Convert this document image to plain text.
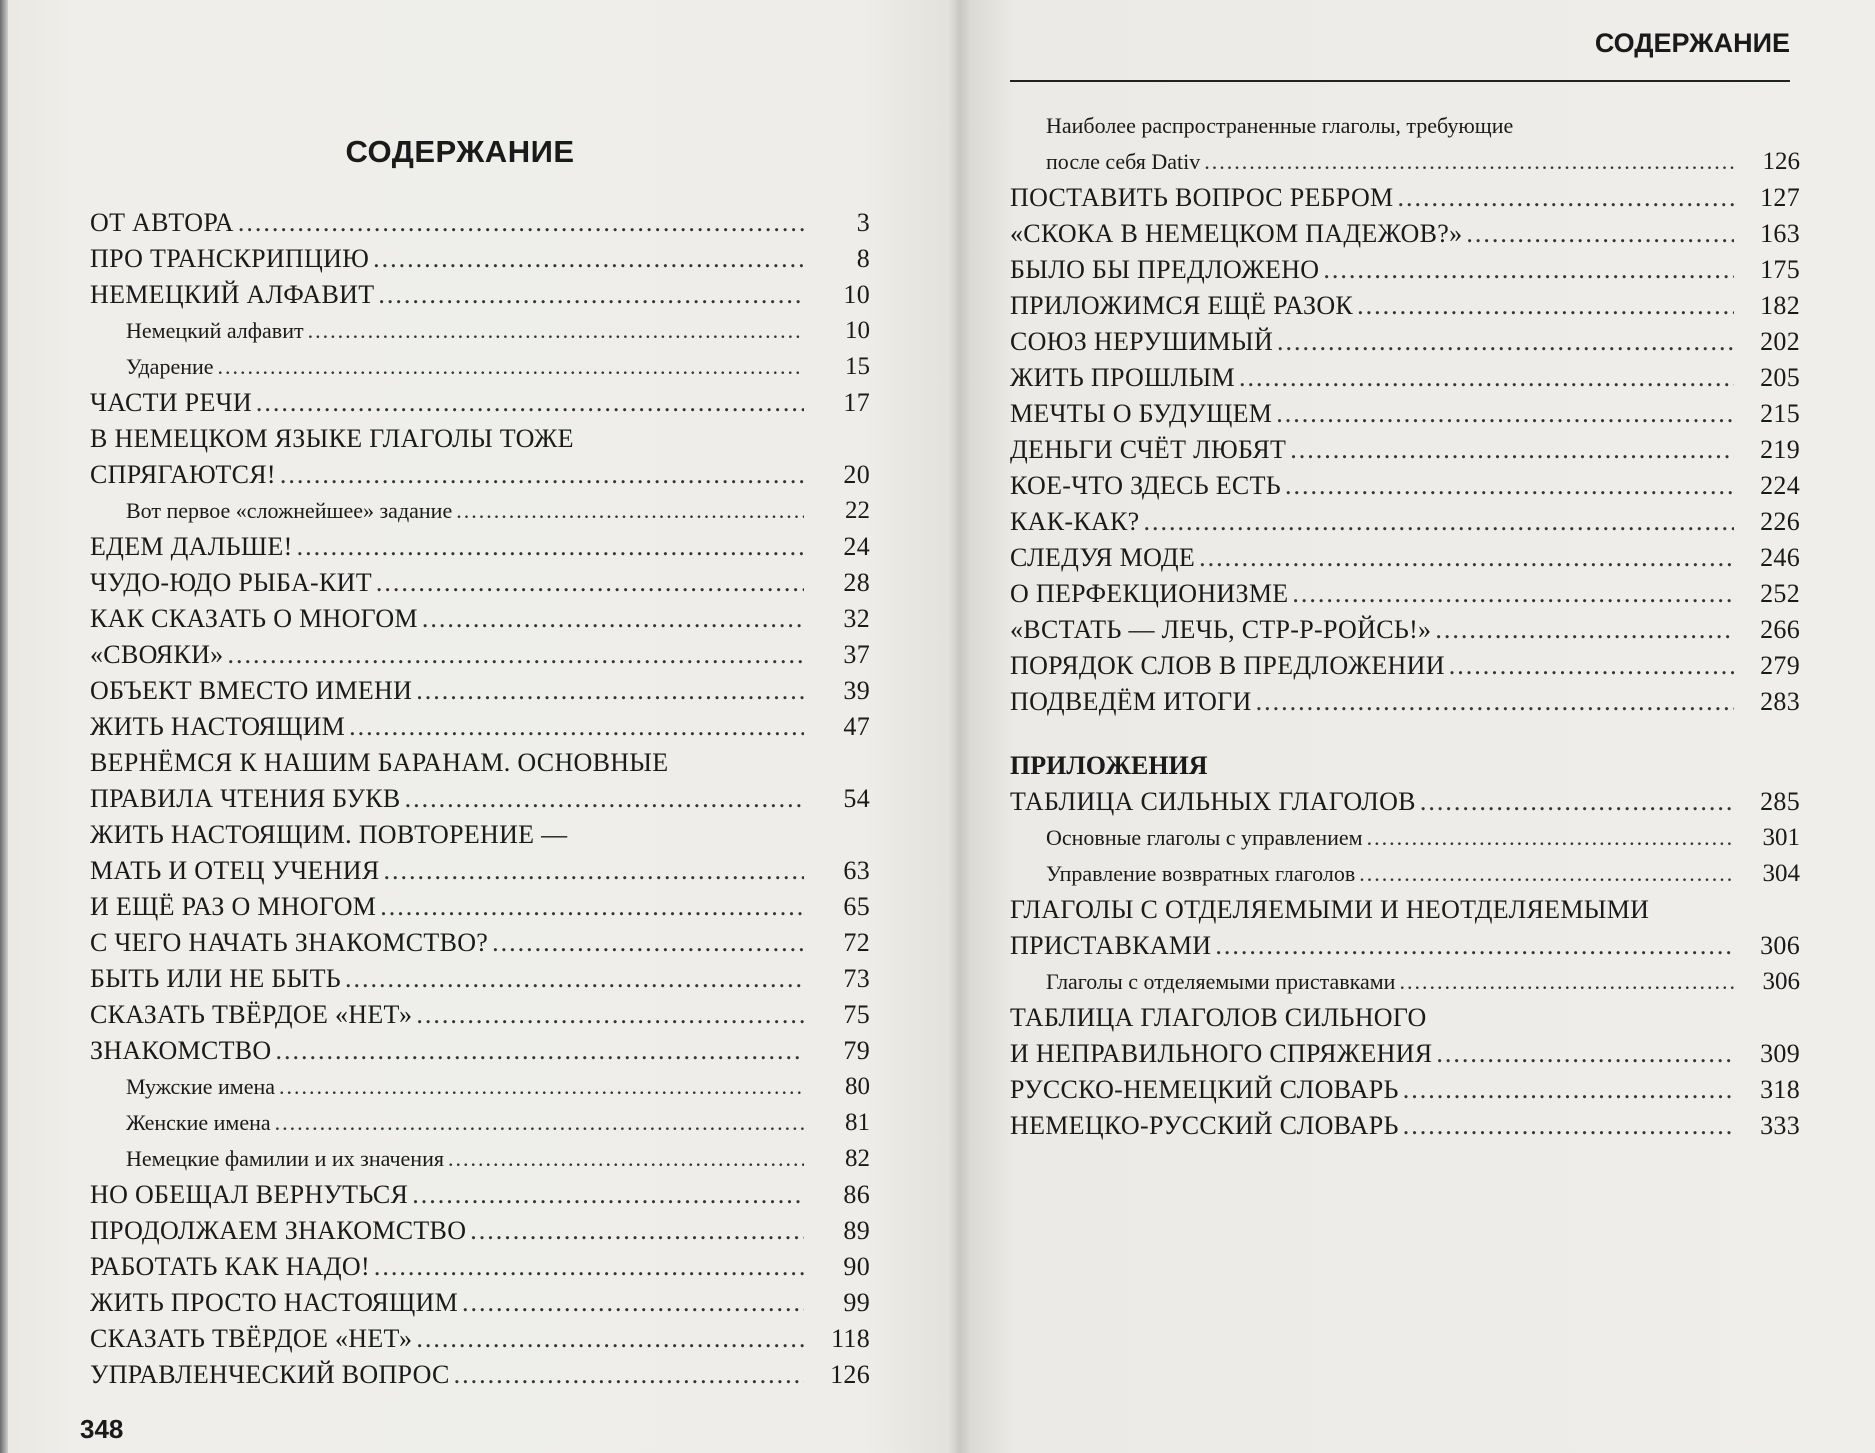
СОДЕРЖАНИЕ
ОТ АВТОРА .....	3
ПРО ТРАНСКРИПЦИЮ .....	8
НЕМЕЦКИЙ АЛФАВИТ .....	10
Немецкий алфавит .....	10
Ударение .....	15
ЧАСТИ РЕЧИ .....	17
В НЕМЕЦКОМ ЯЗЫКЕ ГЛАГОЛЫ ТОЖЕ
СПРЯГАЮТСЯ! .....	20
Вот первое «сложнейшее» задание .....	22
ЕДЕМ ДАЛЬШЕ! .....	24
ЧУДО-ЮДО РЫБА-КИТ .....	28
КАК СКАЗАТЬ О МНОГОМ .....	32
«СВОЯКИ» .....	37
ОБЪЕКТ ВМЕСТО ИМЕНИ .....	39
ЖИТЬ НАСТОЯЩИМ .....	47
ВЕРНЁМСЯ К НАШИМ БАРАНАМ. ОСНОВНЫЕ
ПРАВИЛА ЧТЕНИЯ БУКВ .....	54
ЖИТЬ НАСТОЯЩИМ. ПОВТОРЕНИЕ —
МАТЬ И ОТЕЦ УЧЕНИЯ .....	63
И ЕЩЁ РАЗ О МНОГОМ .....	65
С ЧЕГО НАЧАТЬ ЗНАКОМСТВО? .....	72
БЫТЬ ИЛИ НЕ БЫТЬ .....	73
СКАЗАТЬ ТВЁРДОЕ «НЕТ» .....	75
ЗНАКОМСТВО .....	79
Мужские имена .....	80
Женские имена .....	81
Немецкие фамилии и их значения .....	82
НО ОБЕЩАЛ ВЕРНУТЬСЯ .....	86
ПРОДОЛЖАЕМ ЗНАКОМСТВО .....	89
РАБОТАТЬ КАК НАДО! .....	90
ЖИТЬ ПРОСТО НАСТОЯЩИМ .....	99
СКАЗАТЬ ТВЁРДОЕ «НЕТ» .....	118
УПРАВЛЕНЧЕСКИЙ ВОПРОС .....	126
348
СОДЕРЖАНИЕ
Наиболее распространенные глаголы, требующие
после себя Dativ .....	126
ПОСТАВИТЬ ВОПРОС РЕБРОМ .....	127
«СКОКА В НЕМЕЦКОМ ПАДЕЖОВ?» .....	163
БЫЛО БЫ ПРЕДЛОЖЕНО .....	175
ПРИЛОЖИМСЯ ЕЩЁ РАЗОК .....	182
СОЮЗ НЕРУШИМЫЙ .....	202
ЖИТЬ ПРОШЛЫМ .....	205
МЕЧТЫ О БУДУЩЕМ .....	215
ДЕНЬГИ СЧЁТ ЛЮБЯТ .....	219
КОЕ-ЧТО ЗДЕСЬ ЕСТЬ .....	224
КАК-КАК? .....	226
СЛЕДУЯ МОДЕ .....	246
О ПЕРФЕКЦИОНИЗМЕ .....	252
«ВСТАТЬ — ЛЕЧЬ, СТР-Р-РОЙСЬ!» .....	266
ПОРЯДОК СЛОВ В ПРЕДЛОЖЕНИИ .....	279
ПОДВЕДЁМ ИТОГИ .....	283
ПРИЛОЖЕНИЯ
ТАБЛИЦА СИЛЬНЫХ ГЛАГОЛОВ .....	285
Основные глаголы с управлением .....	301
Управление возвратных глаголов .....	304
ГЛАГОЛЫ С ОТДЕЛЯЕМЫМИ И НЕОТДЕЛЯЕМЫМИ
ПРИСТАВКАМИ .....	306
Глаголы с отделяемыми приставками .....	306
ТАБЛИЦА ГЛАГОЛОВ СИЛЬНОГО
И НЕПРАВИЛЬНОГО СПРЯЖЕНИЯ .....	309
РУССКО-НЕМЕЦКИЙ СЛОВАРЬ .....	318
НЕМЕЦКО-РУССКИЙ СЛОВАРЬ .....	333
